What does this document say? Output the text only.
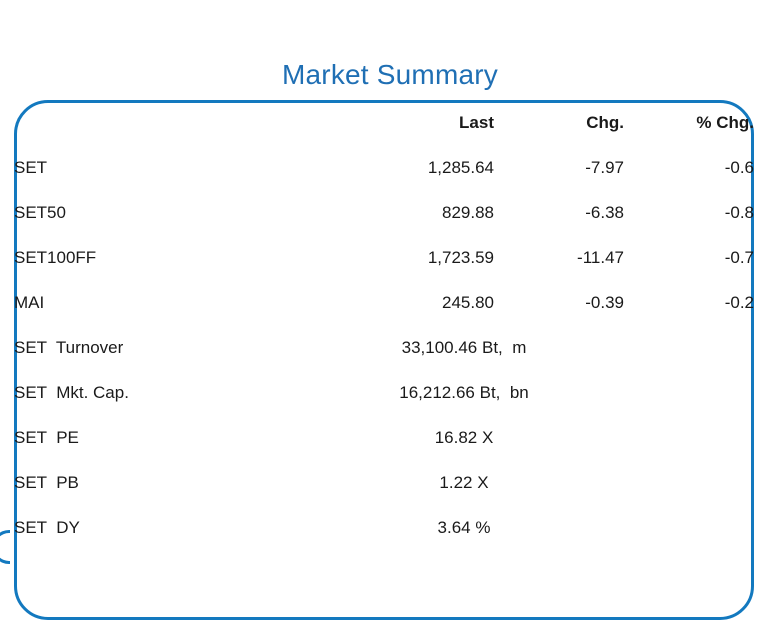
Market Summary
	Last	Chg.	% Chg.
SET	1,285.64	-7.97	-0.6
SET50	829.88	-6.38	-0.8
SET100FF	1,723.59	-11.47	-0.7
MAI	245.80	-0.39	-0.2
SET  Turnover	33,100.46 Bt,  m		
SET  Mkt. Cap.	16,212.66 Bt,  bn		
SET  PE	16.82 X		
SET  PB	1.22 X		
SET  DY	3.64 %		
